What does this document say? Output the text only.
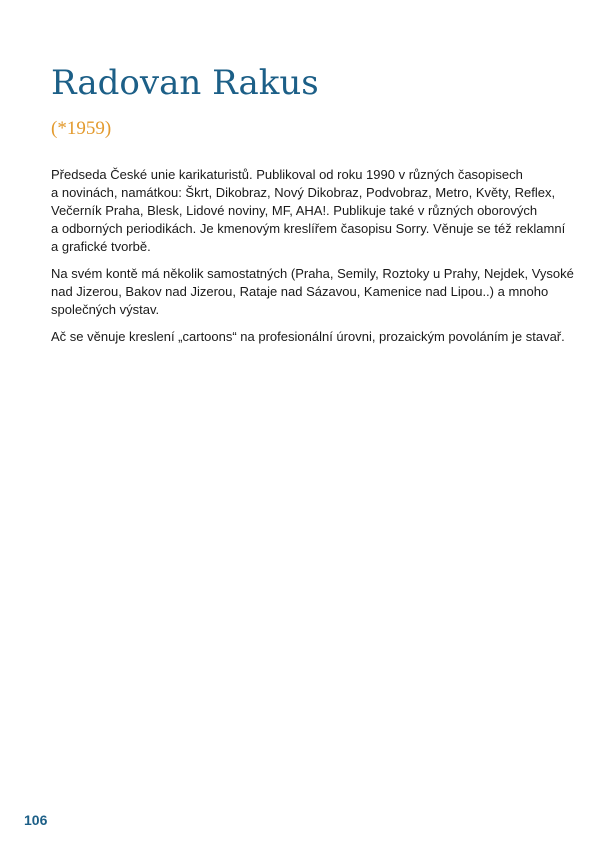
Radovan Rakus
(*1959)

Předseda České unie karikaturistů. Publikoval od roku 1990 v různých časopisech
a novinách, namátkou: Škrt, Dikobraz, Nový Dikobraz, Podvobraz, Metro, Květy, Reflex,
Večerník Praha, Blesk, Lidové noviny, MF, AHA!. Publikuje také v různých oborových
a odborných periodikách. Je kmenovým kreslířem časopisu Sorry. Věnuje se též reklamní
a grafické tvorbě.

Na svém kontě má několik samostatných (Praha, Semily, Roztoky u Prahy, Nejdek, Vysoké
nad Jizerou, Bakov nad Jizerou, Rataje nad Sázavou, Kamenice nad Lipou..) a mnoho
společných výstav.

Ač se věnuje kreslení „cartoons“ na profesionální úrovni, prozaickým povoláním je stavař.

106
